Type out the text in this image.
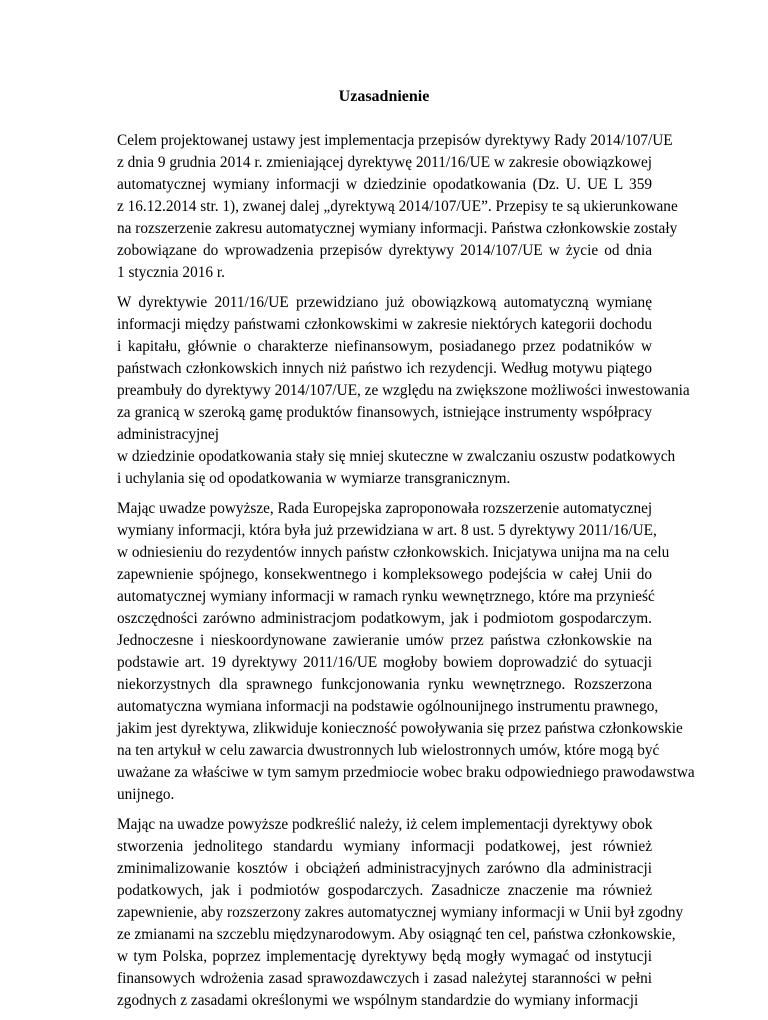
Uzasadnienie

Celem projektowanej ustawy jest implementacja przepisów dyrektywy Rady 2014/107/UE
z dnia 9 grudnia 2014 r. zmieniającej dyrektywę 2011/16/UE w zakresie obowiązkowej
automatycznej wymiany informacji w dziedzinie opodatkowania (Dz. U. UE L 359
z 16.12.2014 str. 1), zwanej dalej „dyrektywą 2014/107/UE”. Przepisy te są ukierunkowane
na rozszerzenie zakresu automatycznej wymiany informacji. Państwa członkowskie zostały
zobowiązane do wprowadzenia przepisów dyrektywy 2014/107/UE w życie od dnia
1 stycznia 2016 r.

W dyrektywie 2011/16/UE przewidziano już obowiązkową automatyczną wymianę
informacji między państwami członkowskimi w zakresie niektórych kategorii dochodu
i kapitału, głównie o charakterze niefinansowym, posiadanego przez podatników w
państwach członkowskich innych niż państwo ich rezydencji. Według motywu piątego
preambuły do dyrektywy 2014/107/UE, ze względu na zwiększone możliwości inwestowania
za granicą w szeroką gamę produktów finansowych, istniejące instrumenty współpracy
administracyjnej
w dziedzinie opodatkowania stały się mniej skuteczne w zwalczaniu oszustw podatkowych
i uchylania się od opodatkowania w wymiarze transgranicznym.

Mając uwadze powyższe, Rada Europejska zaproponowała rozszerzenie automatycznej
wymiany informacji, która była już przewidziana w art. 8 ust. 5 dyrektywy 2011/16/UE,
w odniesieniu do rezydentów innych państw członkowskich. Inicjatywa unijna ma na celu
zapewnienie spójnego, konsekwentnego i kompleksowego podejścia w całej Unii do
automatycznej wymiany informacji w ramach rynku wewnętrznego, które ma przynieść
oszczędności zarówno administracjom podatkowym, jak i podmiotom gospodarczym.
Jednoczesne i nieskoordynowane zawieranie umów przez państwa członkowskie na
podstawie art. 19 dyrektywy 2011/16/UE mogłoby bowiem doprowadzić do sytuacji
niekorzystnych dla sprawnego funkcjonowania rynku wewnętrznego. Rozszerzona
automatyczna wymiana informacji na podstawie ogólnounijnego instrumentu prawnego,
jakim jest dyrektywa, zlikwiduje konieczność powoływania się przez państwa członkowskie
na ten artykuł w celu zawarcia dwustronnych lub wielostronnych umów, które mogą być
uważane za właściwe w tym samym przedmiocie wobec braku odpowiedniego prawodawstwa
unijnego.

Mając na uwadze powyższe podkreślić należy, iż celem implementacji dyrektywy obok
stworzenia jednolitego standardu wymiany informacji podatkowej, jest również
zminimalizowanie kosztów i obciążeń administracyjnych zarówno dla administracji
podatkowych, jak i podmiotów gospodarczych. Zasadnicze znaczenie ma również
zapewnienie, aby rozszerzony zakres automatycznej wymiany informacji w Unii był zgodny
ze zmianami na szczeblu międzynarodowym. Aby osiągnąć ten cel, państwa członkowskie,
w tym Polska, poprzez implementację dyrektywy będą mogły wymagać od instytucji
finansowych wdrożenia zasad sprawozdawczych i zasad należytej staranności w pełni
zgodnych z zasadami określonymi we wspólnym standardzie do wymiany informacji
